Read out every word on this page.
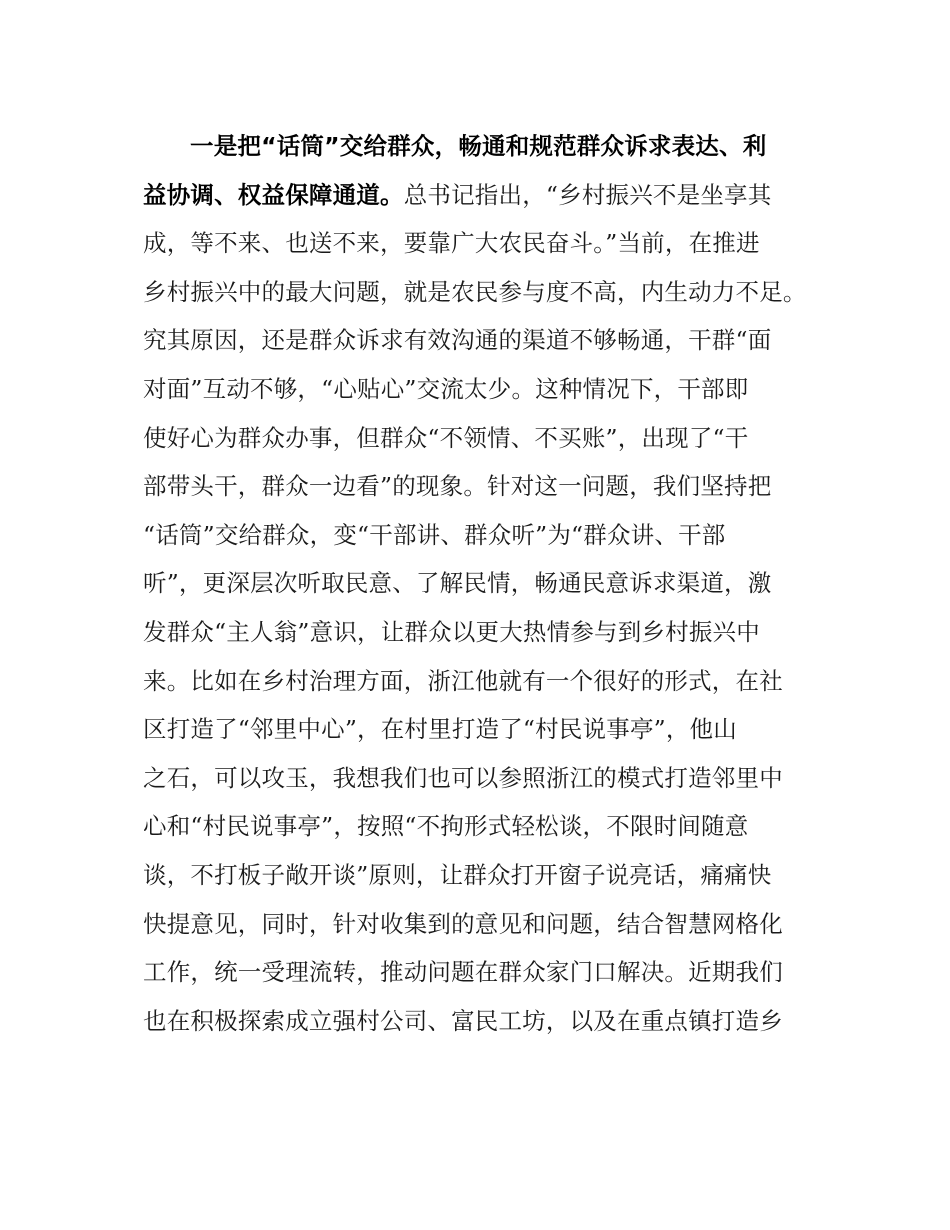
一是把“话筒”交给群众，畅通和规范群众诉求表达、利
益协调、权益保障通道。总书记指出，“乡村振兴不是坐享其
成，等不来、也送不来，要靠广大农民奋斗。”当前，在推进
乡村振兴中的最大问题，就是农民参与度不高，内生动力不足。
究其原因，还是群众诉求有效沟通的渠道不够畅通，干群“面
对面”互动不够，“心贴心”交流太少。这种情况下，干部即
使好心为群众办事，但群众“不领情、不买账”，出现了“干
部带头干，群众一边看”的现象。针对这一问题，我们坚持把
“话筒”交给群众，变“干部讲、群众听”为“群众讲、干部
听”，更深层次听取民意、了解民情，畅通民意诉求渠道，激
发群众“主人翁”意识，让群众以更大热情参与到乡村振兴中
来。比如在乡村治理方面，浙江他就有一个很好的形式，在社
区打造了“邻里中心”，在村里打造了“村民说事亭”，他山
之石，可以攻玉，我想我们也可以参照浙江的模式打造邻里中
心和“村民说事亭”，按照“不拘形式轻松谈，不限时间随意
谈，不打板子敞开谈”原则，让群众打开窗子说亮话，痛痛快
快提意见，同时，针对收集到的意见和问题，结合智慧网格化
工作，统一受理流转，推动问题在群众家门口解决。近期我们
也在积极探索成立强村公司、富民工坊，以及在重点镇打造乡
